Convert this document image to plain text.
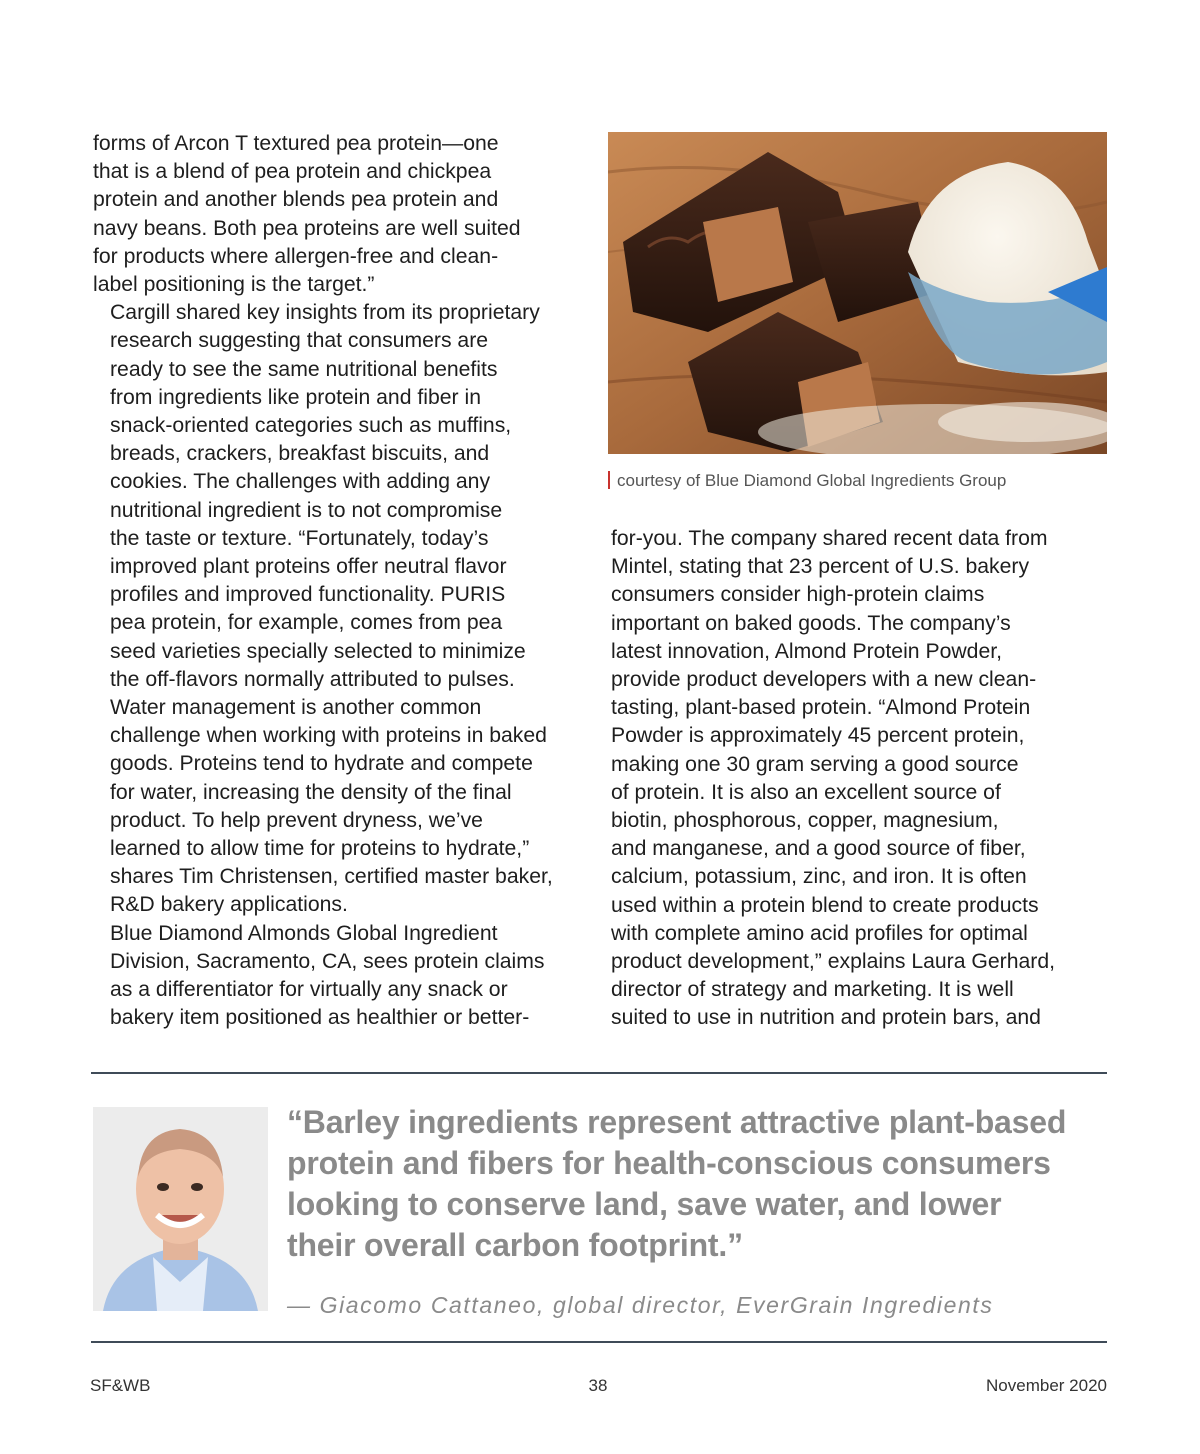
forms of Arcon T textured pea protein—one
that is a blend of pea protein and chickpea
protein and another blends pea protein and
navy beans. Both pea proteins are well suited
for products where allergen-free and clean-
label positioning is the target.”

Cargill shared key insights from its proprietary
research suggesting that consumers are
ready to see the same nutritional benefits
from ingredients like protein and fiber in
snack-oriented categories such as muffins,
breads, crackers, breakfast biscuits, and
cookies. The challenges with adding any
nutritional ingredient is to not compromise
the taste or texture. “Fortunately, today’s
improved plant proteins offer neutral flavor
profiles and improved functionality. PURIS
pea protein, for example, comes from pea
seed varieties specially selected to minimize
the off-flavors normally attributed to pulses.
Water management is another common
challenge when working with proteins in baked
goods. Proteins tend to hydrate and compete
for water, increasing the density of the final
product. To help prevent dryness, we’ve
learned to allow time for proteins to hydrate,”
shares Tim Christensen, certified master baker,
R&D bakery applications.

Blue Diamond Almonds Global Ingredient
Division, Sacramento, CA, sees protein claims
as a differentiator for virtually any snack or
bakery item positioned as healthier or better-

courtesy of Blue Diamond Global Ingredients Group

for-you. The company shared recent data from
Mintel, stating that 23 percent of U.S. bakery
consumers consider high-protein claims
important on baked goods. The company’s
latest innovation, Almond Protein Powder,
provide product developers with a new clean-
tasting, plant-based protein. “Almond Protein
Powder is approximately 45 percent protein,
making one 30 gram serving a good source
of protein. It is also an excellent source of
biotin, phosphorous, copper, magnesium,
and manganese, and a good source of fiber,
calcium, potassium, zinc, and iron. It is often
used within a protein blend to create products
with complete amino acid profiles for optimal
product development,” explains Laura Gerhard,
director of strategy and marketing. It is well
suited to use in nutrition and protein bars, and

“Barley ingredients represent attractive plant-based
protein and fibers for health-conscious consumers
looking to conserve land, save water, and lower
their overall carbon footprint.”
— Giacomo Cattaneo, global director, EverGrain Ingredients
SF&WB	38	November 2020
